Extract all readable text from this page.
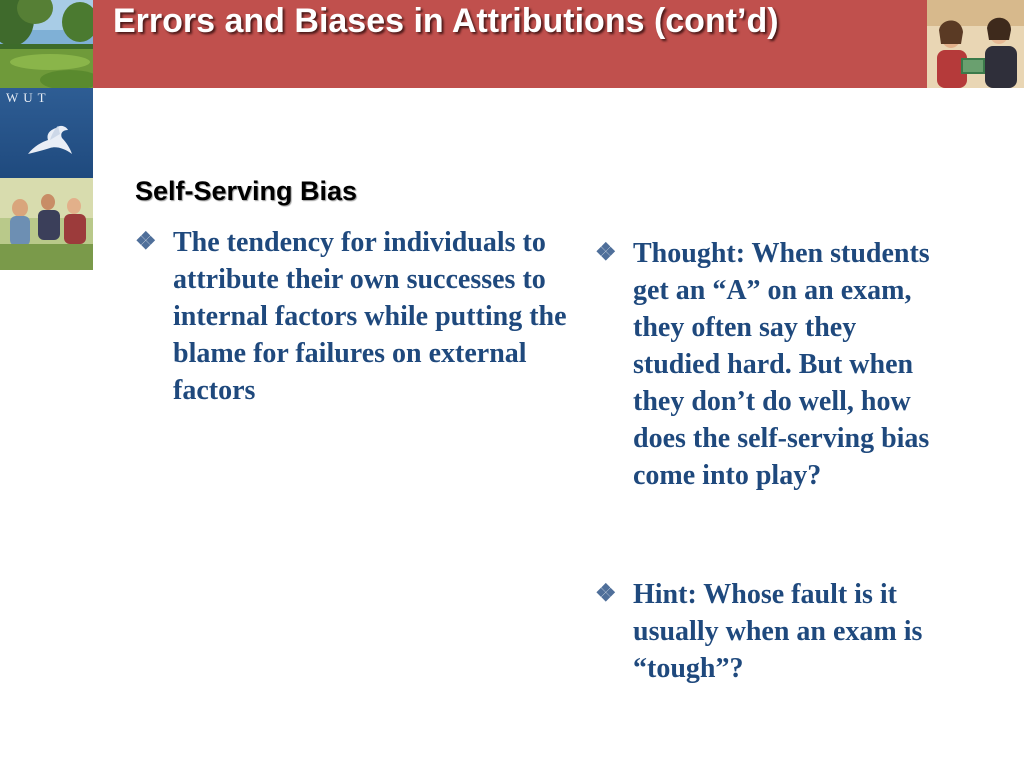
WUT
Errors and Biases in Attributions (cont’d)
Self-Serving Bias
❖ The tendency for individuals to attribute their own successes to internal factors while putting the blame for failures on external factors
❖ Thought: When students get an “A” on an exam, they often say they studied hard. But when they don’t do well, how does the self-serving bias come into play?
❖ Hint: Whose fault is it usually when an exam is “tough”?
